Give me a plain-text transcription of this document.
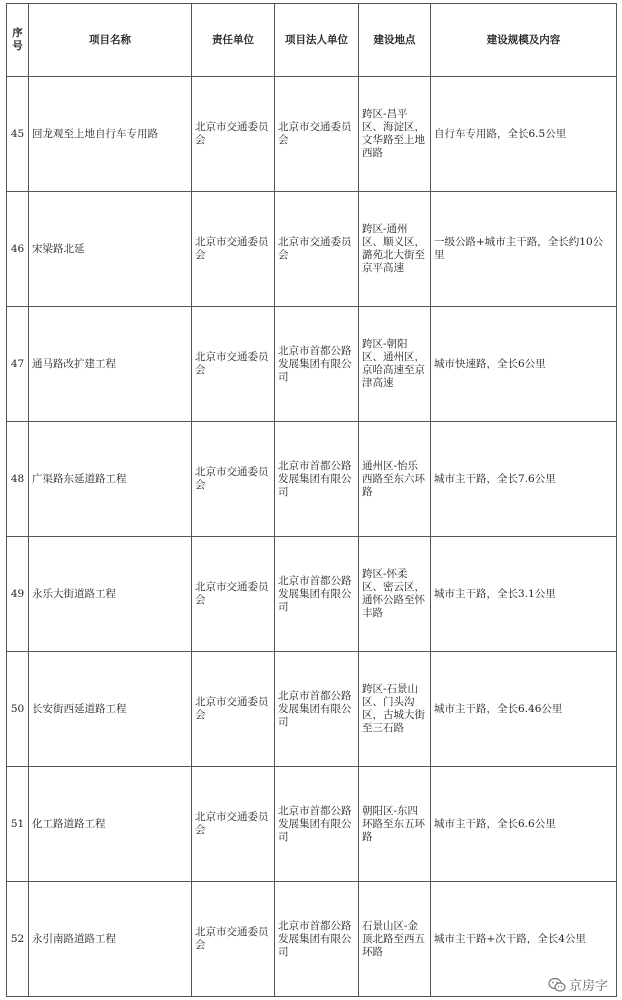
序号	项目名称	责任单位	项目法人单位	建设地点	建设规模及内容
45	回龙观至上地自行车专用路	北京市交通委员会	北京市交通委员会	跨区-昌平区、海淀区，文华路至上地西路	自行车专用路，全长6.5公里
46	宋梁路北延	北京市交通委员会	北京市交通委员会	跨区-通州区、顺义区，潞苑北大街至京平高速	一级公路+城市主干路，全长约10公里
47	通马路改扩建工程	北京市交通委员会	北京市首都公路发展集团有限公司	跨区-朝阳区、通州区，京哈高速至京津高速	城市快速路，全长6公里
48	广渠路东延道路工程	北京市交通委员会	北京市首都公路发展集团有限公司	通州区-怡乐西路至东六环路	城市主干路，全长7.6公里
49	永乐大街道路工程	北京市交通委员会	北京市首都公路发展集团有限公司	跨区-怀柔区、密云区，通怀公路至怀丰路	城市主干路，全长3.1公里
50	长安街西延道路工程	北京市交通委员会	北京市首都公路发展集团有限公司	跨区-石景山区、门头沟区，古城大街至三石路	城市主干路，全长6.46公里
51	化工路道路工程	北京市交通委员会	北京市首都公路发展集团有限公司	朝阳区-东四环路至东五环路	城市主干路，全长6.6公里
52	永引南路道路工程	北京市交通委员会	北京市首都公路发展集团有限公司	石景山区-金顶北路至西五环路	城市主干路+次干路，全长4公里
京房字
